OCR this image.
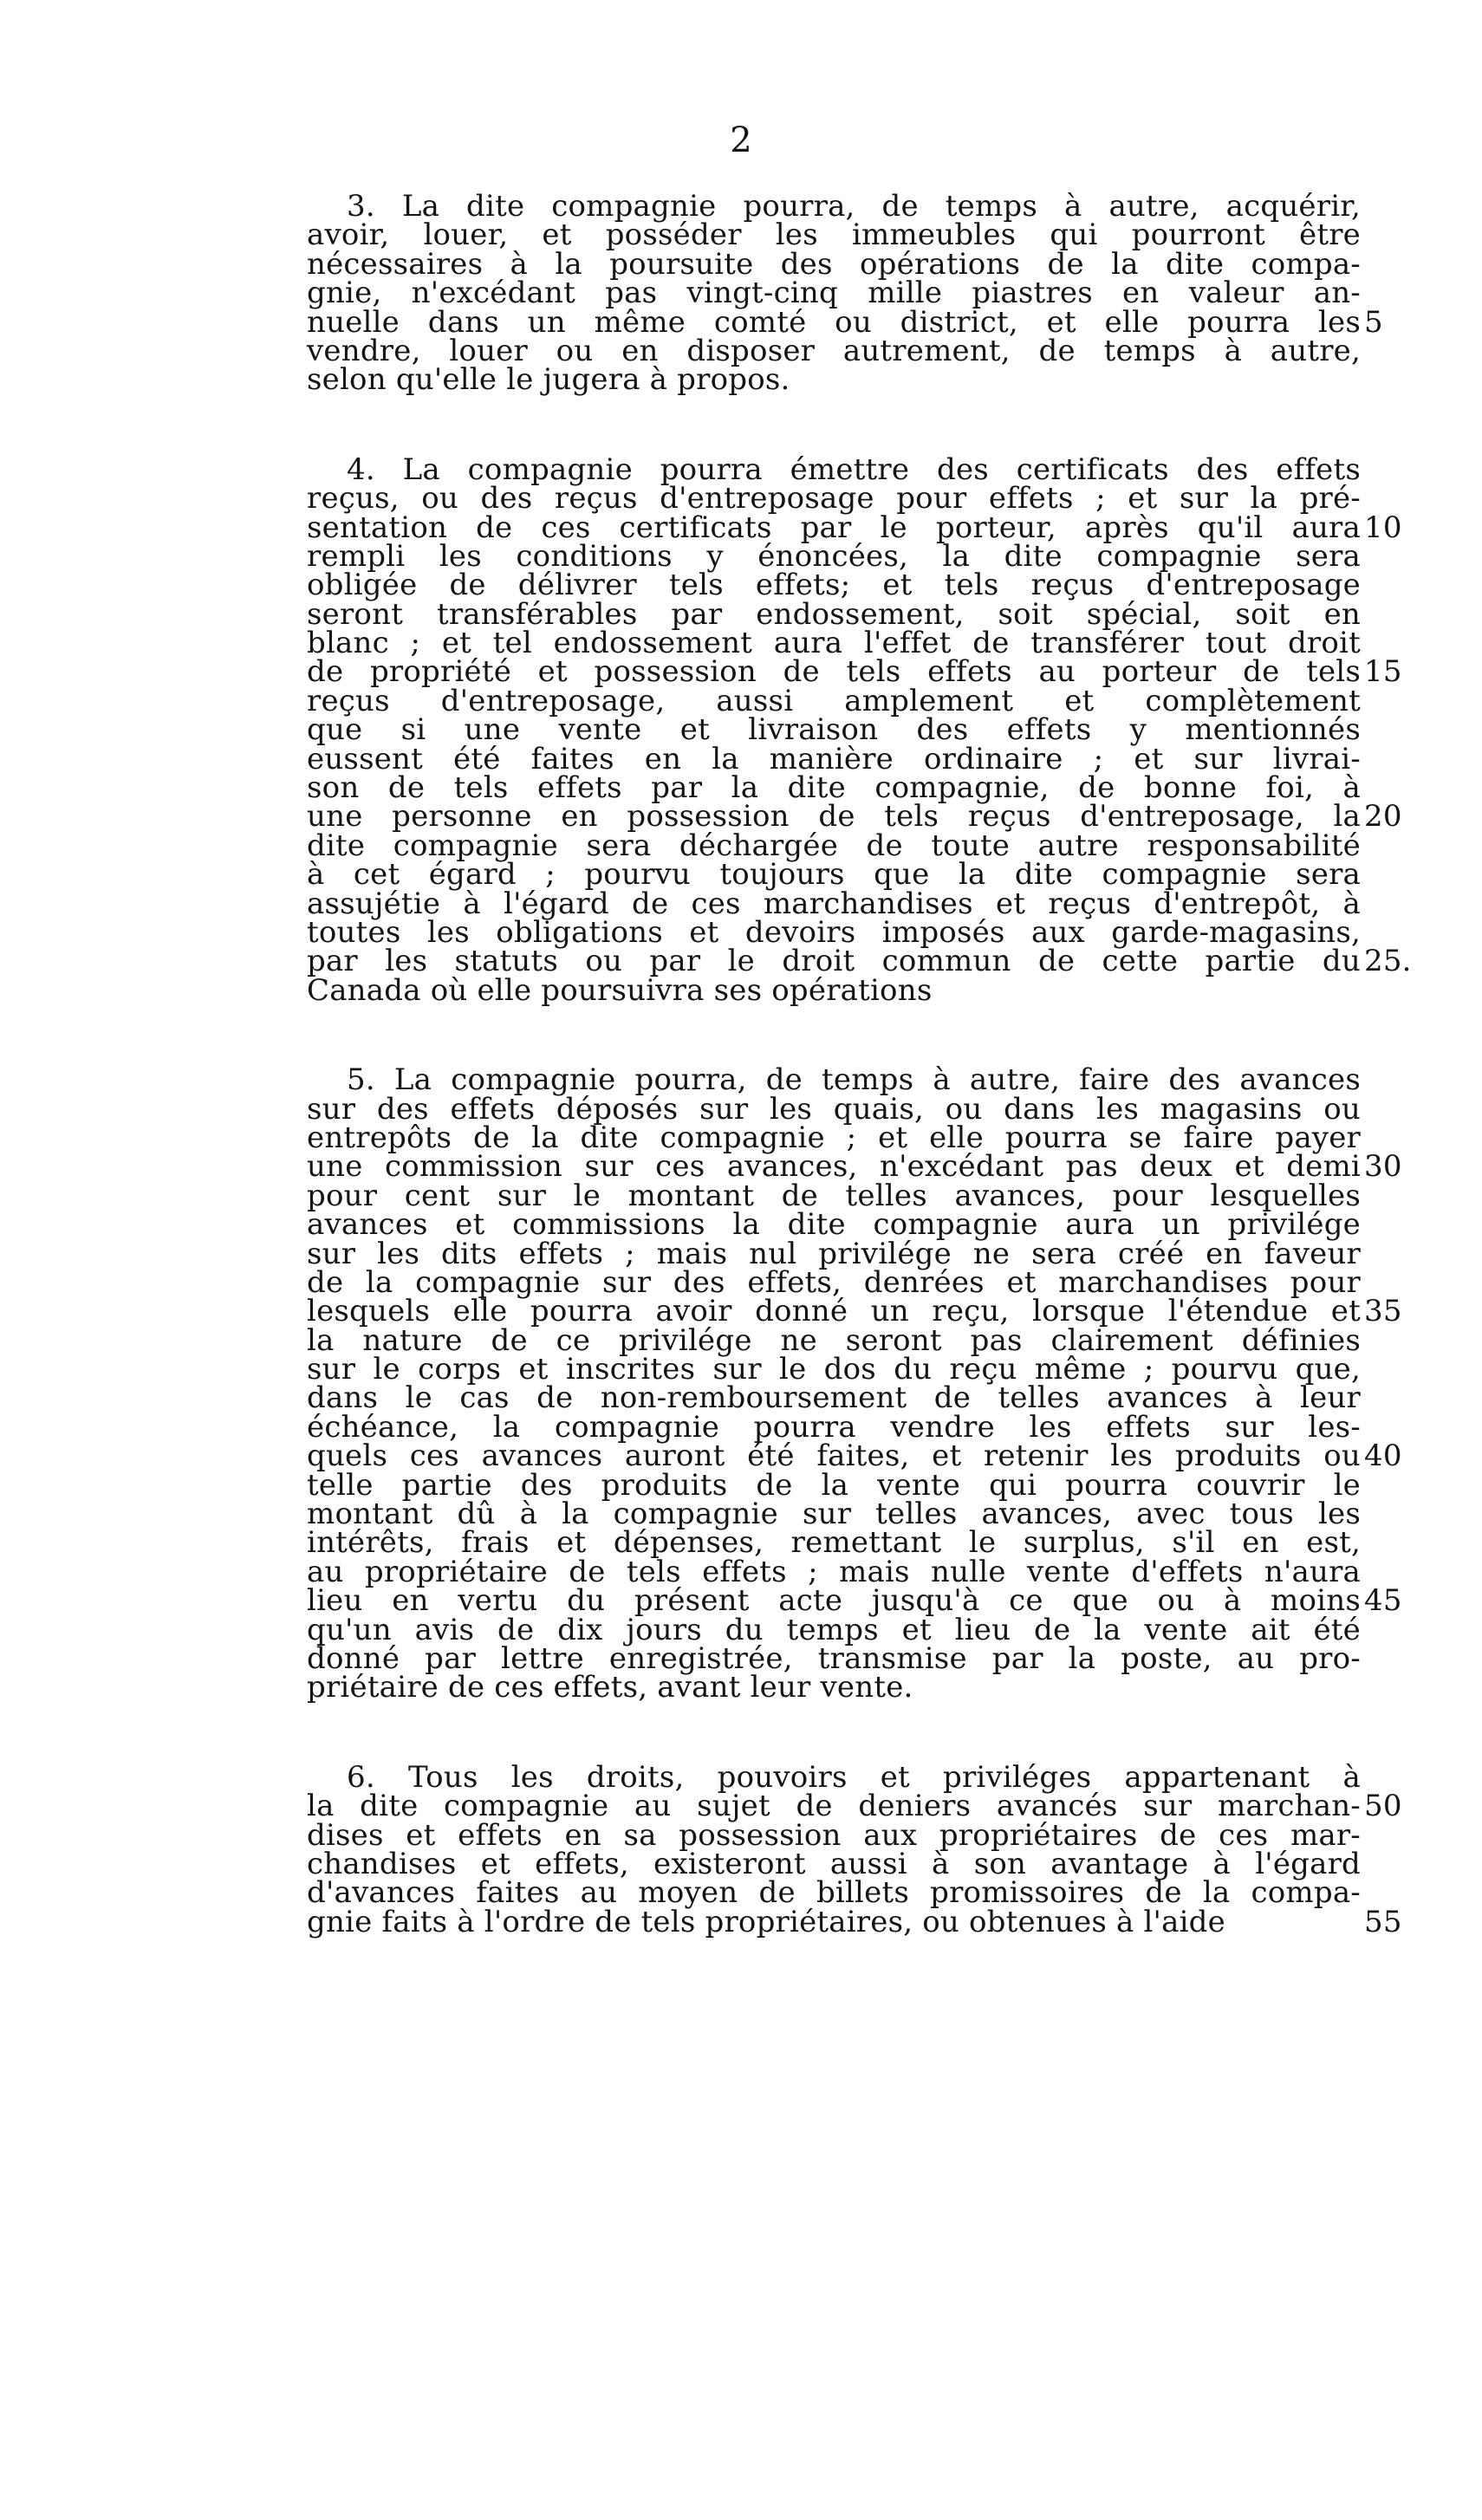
2
3. La dite compagnie pourra, de temps à autre, acquérir,
avoir, louer, et posséder les immeubles qui pourront être
nécessaires à la poursuite des opérations de la dite compa-
gnie, n'excédant pas vingt-cinq mille piastres en valeur an-
nuelle dans un même comté ou district, et elle pourra les 5
vendre, louer ou en disposer autrement, de temps à autre,
selon qu'elle le jugera à propos.
4. La compagnie pourra émettre des certificats des effets
reçus, ou des reçus d'entreposage pour effets ; et sur la pré-
sentation de ces certificats par le porteur, après qu'il aura 10
rempli les conditions y énoncées, la dite compagnie sera
obligée de délivrer tels effets; et tels reçus d'entreposage
seront transférables par endossement, soit spécial, soit en
blanc ; et tel endossement aura l'effet de transférer tout droit
de propriété et possession de tels effets au porteur de tels 15
reçus d'entreposage, aussi amplement et complètement
que si une vente et livraison des effets y mentionnés
eussent été faites en la manière ordinaire ; et sur livrai-
son de tels effets par la dite compagnie, de bonne foi, à
une personne en possession de tels reçus d'entreposage, la 20
dite compagnie sera déchargée de toute autre responsabilité
à cet égard ; pourvu toujours que la dite compagnie sera
assujétie à l'égard de ces marchandises et reçus d'entrepôt, à
toutes les obligations et devoirs imposés aux garde-magasins,
par les statuts ou par le droit commun de cette partie du 25.
Canada où elle poursuivra ses opérations
5. La compagnie pourra, de temps à autre, faire des avances
sur des effets déposés sur les quais, ou dans les magasins ou
entrepôts de la dite compagnie ; et elle pourra se faire payer
une commission sur ces avances, n'excédant pas deux et demi 30
pour cent sur le montant de telles avances, pour lesquelles
avances et commissions la dite compagnie aura un privilége
sur les dits effets ; mais nul privilége ne sera créé en faveur
de la compagnie sur des effets, denrées et marchandises pour
lesquels elle pourra avoir donné un reçu, lorsque l'étendue et 35
la nature de ce privilége ne seront pas clairement définies
sur le corps et inscrites sur le dos du reçu même ; pourvu que,
dans le cas de non-remboursement de telles avances à leur
échéance, la compagnie pourra vendre les effets sur les-
quels ces avances auront été faites, et retenir les produits ou 40
telle partie des produits de la vente qui pourra couvrir le
montant dû à la compagnie sur telles avances, avec tous les
intérêts, frais et dépenses, remettant le surplus, s'il en est,
au propriétaire de tels effets ; mais nulle vente d'effets n'aura
lieu en vertu du présent acte jusqu'à ce que ou à moins 45
qu'un avis de dix jours du temps et lieu de la vente ait été
donné par lettre enregistrée, transmise par la poste, au pro-
priétaire de ces effets, avant leur vente.
6. Tous les droits, pouvoirs et priviléges appartenant à
la dite compagnie au sujet de deniers avancés sur marchan- 50
dises et effets en sa possession aux propriétaires de ces mar-
chandises et effets, existeront aussi à son avantage à l'égard
d'avances faites au moyen de billets promissoires de la compa-
gnie faits à l'ordre de tels propriétaires, ou obtenues à l'aide	55
